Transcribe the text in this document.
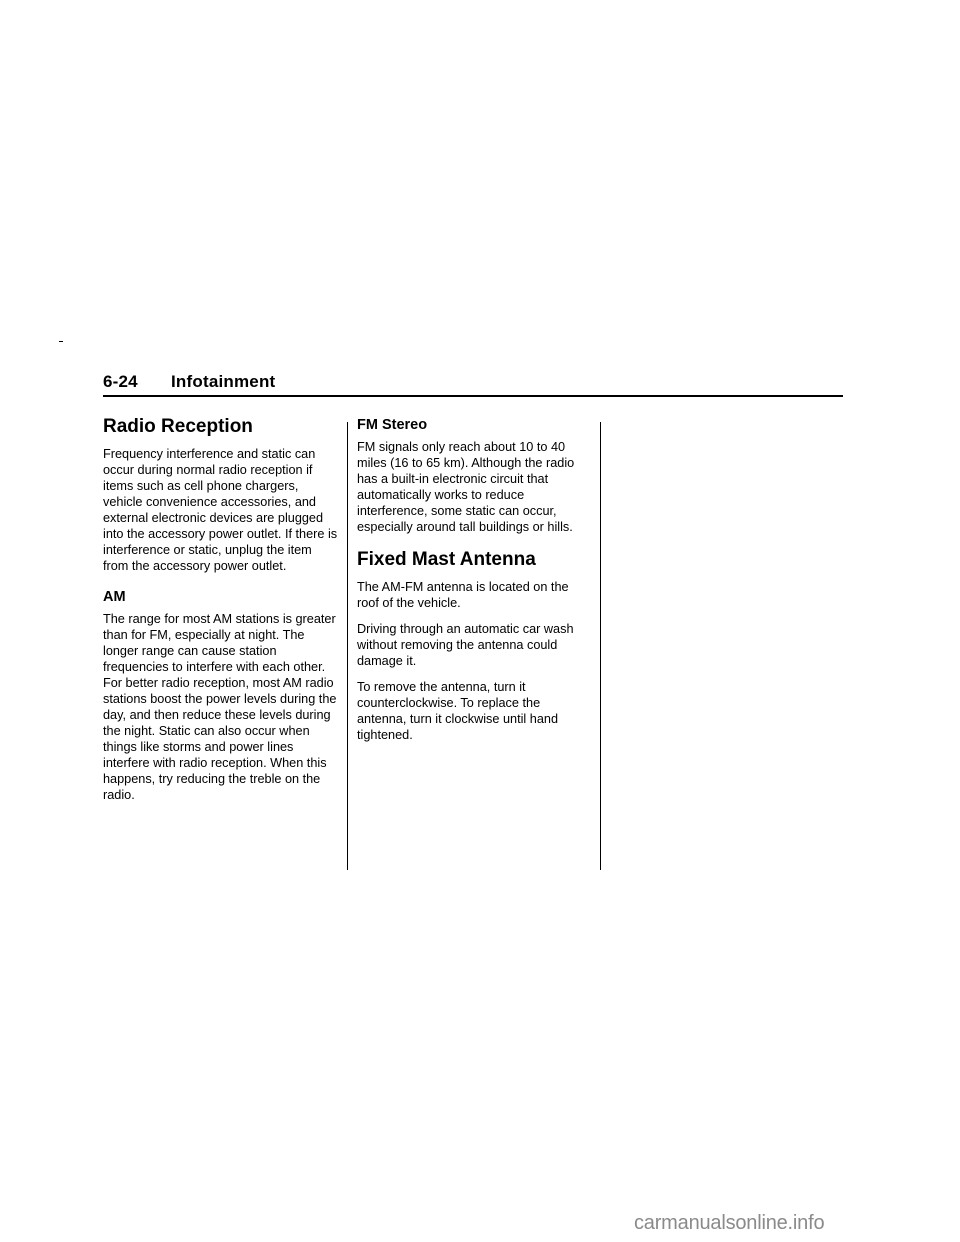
6-24 Infotainment
Radio Reception

Frequency interference and static can occur during normal radio reception if items such as cell phone chargers, vehicle convenience accessories, and external electronic devices are plugged into the accessory power outlet. If there is interference or static, unplug the item from the accessory power outlet.

AM

The range for most AM stations is greater than for FM, especially at night. The longer range can cause station frequencies to interfere with each other. For better radio reception, most AM radio stations boost the power levels during the day, and then reduce these levels during the night. Static can also occur when things like storms and power lines interfere with radio reception. When this happens, try reducing the treble on the radio.

FM Stereo

FM signals only reach about 10 to 40 miles (16 to 65 km). Although the radio has a built-in electronic circuit that automatically works to reduce interference, some static can occur, especially around tall buildings or hills.

Fixed Mast Antenna

The AM-FM antenna is located on the roof of the vehicle.

Driving through an automatic car wash without removing the antenna could damage it.

To remove the antenna, turn it counterclockwise. To replace the antenna, turn it clockwise until hand tightened.

carmanualsonline.info
